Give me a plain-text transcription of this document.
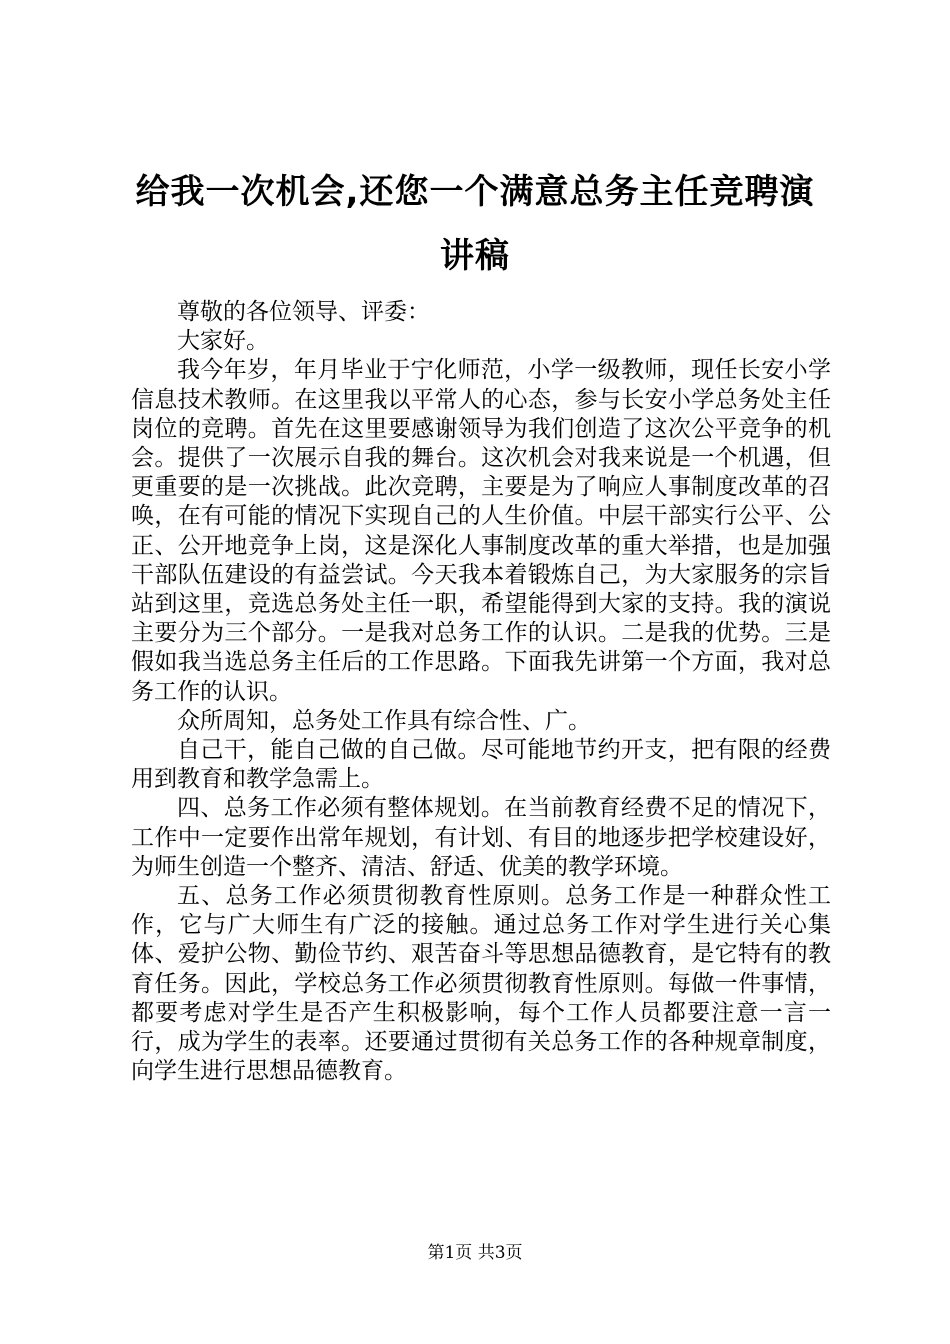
给我一次机会,还您一个满意总务主任竞聘演讲稿

尊敬的各位领导、评委：

大家好。

我今年岁，年月毕业于宁化师范，小学一级教师，现任长安小学信息技术教师。在这里我以平常人的心态，参与长安小学总务处主任岗位的竞聘。首先在这里要感谢领导为我们创造了这次公平竞争的机会。提供了一次展示自我的舞台。这次机会对我来说是一个机遇，但更重要的是一次挑战。此次竞聘，主要是为了响应人事制度改革的召唤，在有可能的情况下实现自己的人生价值。中层干部实行公平、公正、公开地竞争上岗，这是深化人事制度改革的重大举措，也是加强干部队伍建设的有益尝试。今天我本着锻炼自己，为大家服务的宗旨站到这里，竞选总务处主任一职，希望能得到大家的支持。我的演说主要分为三个部分。一是我对总务工作的认识。二是我的优势。三是假如我当选总务主任后的工作思路。下面我先讲第一个方面，我对总务工作的认识。

众所周知，总务处工作具有综合性、广。

自己干，能自己做的自己做。尽可能地节约开支，把有限的经费用到教育和教学急需上。

四、总务工作必须有整体规划。在当前教育经费不足的情况下，工作中一定要作出常年规划，有计划、有目的地逐步把学校建设好，为师生创造一个整齐、清洁、舒适、优美的教学环境。

五、总务工作必须贯彻教育性原则。总务工作是一种群众性工作，它与广大师生有广泛的接触。通过总务工作对学生进行关心集体、爱护公物、勤俭节约、艰苦奋斗等思想品德教育，是它特有的教育任务。因此，学校总务工作必须贯彻教育性原则。每做一件事情，都要考虑对学生是否产生积极影响，每个工作人员都要注意一言一行，成为学生的表率。还要通过贯彻有关总务工作的各种规章制度，向学生进行思想品德教育。

第1页 共3页
